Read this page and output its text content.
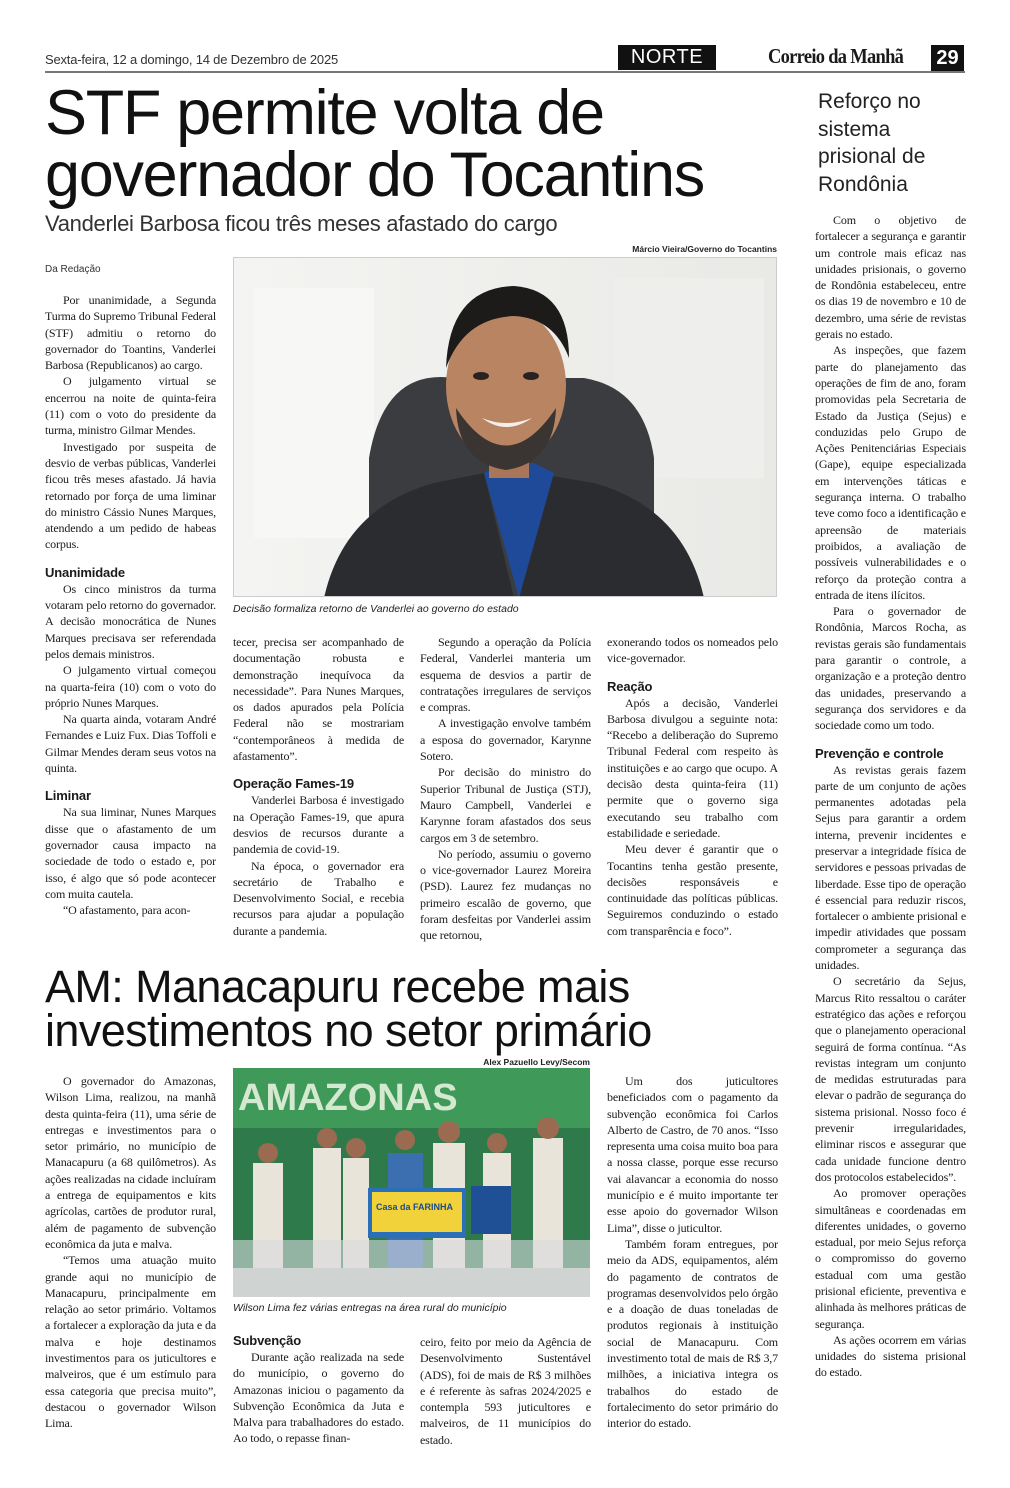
Sexta-feira, 12 a domingo, 14 de Dezembro de 2025	NORTE	Correio da Manhã 29
STF permite volta de
governador do Tocantins
Vanderlei Barbosa ficou três meses afastado do cargo
Márcio Vieira/Governo do Tocantins
Da Redação
Decisão formaliza retorno de Vanderlei ao governo do estado

Por unanimidade, a Segunda Turma do Supremo Tribunal Federal (STF) admitiu o retorno do governador do Toantins, Vanderlei Barbosa (Republicanos) ao cargo.

O julgamento virtual se encerrou na noite de quinta-feira (11) com o voto do presidente da turma, ministro Gilmar Mendes.

Investigado por suspeita de desvio de verbas públicas, Vanderlei ficou três meses afastado. Já havia retornado por força de uma liminar do ministro Cássio Nunes Marques, atendendo a um pedido de habeas corpus.

Unanimidade

Os cinco ministros da turma votaram pelo retorno do governador. A decisão monocrática de Nunes Marques precisava ser referendada pelos demais ministros.

O julgamento virtual começou na quarta-feira (10) com o voto do próprio Nunes Marques.

Na quarta ainda, votaram André Fernandes e Luiz Fux. Dias Toffoli e Gilmar Mendes deram seus votos na quinta.

Liminar

Na sua liminar, Nunes Marques disse que o afastamento de um governador causa impacto na sociedade de todo o estado e, por isso, é algo que só pode acontecer com muita cautela.

“O afastamento, para acon-

tecer, precisa ser acompanhado de documentação robusta e demonstração inequívoca da necessidade”. Para Nunes Marques, os dados apurados pela Polícia Federal não se mostrariam “contemporâneos à medida de afastamento”.

Operação Fames-19

Vanderlei Barbosa é investigado na Operação Fames-19, que apura desvios de recursos durante a pandemia de covid-19.

Na época, o governador era secretário de Trabalho e Desenvolvimento Social, e recebia recursos para ajudar a população durante a pandemia.

Segundo a operação da Polícia Federal, Vanderlei manteria um esquema de desvios a partir de contratações irregulares de serviços e compras.

A investigação envolve também a esposa do governador, Karynne Sotero.

Por decisão do ministro do Superior Tribunal de Justiça (STJ), Mauro Campbell, Vanderlei e Karynne foram afastados dos seus cargos em 3 de setembro.

No período, assumiu o governo o vice-governador Laurez Moreira (PSD). Laurez fez mudanças no primeiro escalão de governo, que foram desfeitas por Vanderlei assim que retornou,

exonerando todos os nomeados pelo vice-governador.

Reação

Após a decisão, Vanderlei Barbosa divulgou a seguinte nota: “Recebo a deliberação do Supremo Tribunal Federal com respeito às instituições e ao cargo que ocupo. A decisão desta quinta-feira (11) permite que o governo siga executando seu trabalho com estabilidade e seriedade.

Meu dever é garantir que o Tocantins tenha gestão presente, decisões responsáveis e continuidade das políticas públicas. Seguiremos conduzindo o estado com transparência e foco”.

Reforço no sistema prisional de Rondônia

Com o objetivo de fortalecer a segurança e garantir um controle mais eficaz nas unidades prisionais, o governo de Rondônia estabeleceu, entre os dias 19 de novembro e 10 de dezembro, uma série de revistas gerais no estado.

As inspeções, que fazem parte do planejamento das operações de fim de ano, foram promovidas pela Secretaria de Estado da Justiça (Sejus) e conduzidas pelo Grupo de Ações Penitenciárias Especiais (Gape), equipe especializada em intervenções táticas e segurança interna. O trabalho teve como foco a identificação e apreensão de materiais proibidos, a avaliação de possíveis vulnerabilidades e o reforço da proteção contra a entrada de itens ilícitos.

Para o governador de Rondônia, Marcos Rocha, as revistas gerais são fundamentais para garantir o controle, a organização e a proteção dentro das unidades, preservando a segurança dos servidores e da sociedade como um todo.

Prevenção e controle

As revistas gerais fazem parte de um conjunto de ações permanentes adotadas pela Sejus para garantir a ordem interna, prevenir incidentes e preservar a integridade física de servidores e pessoas privadas de liberdade. Esse tipo de operação é essencial para reduzir riscos, fortalecer o ambiente prisional e impedir atividades que possam comprometer a segurança das unidades.

O secretário da Sejus, Marcus Rito ressaltou o caráter estratégico das ações e reforçou que o planejamento operacional seguirá de forma contínua. “As revistas integram um conjunto de medidas estruturadas para elevar o padrão de segurança do sistema prisional. Nosso foco é prevenir irregularidades, eliminar riscos e assegurar que cada unidade funcione dentro dos protocolos estabelecidos”.

Ao promover operações simultâneas e coordenadas em diferentes unidades, o governo estadual, por meio Sejus reforça o compromisso do governo estadual com uma gestão prisional eficiente, preventiva e alinhada às melhores práticas de segurança.

As ações ocorrem em várias unidades do sistema prisional do estado.

AM: Manacapuru recebe mais
investimentos no setor primário
Alex Pazuello Levy/Secom
AMAZONAS
Casa da FARINHA
Wilson Lima fez várias entregas na área rural do município

O governador do Amazonas, Wilson Lima, realizou, na manhã desta quinta-feira (11), uma série de entregas e investimentos para o setor primário, no município de Manacapuru (a 68 quilômetros). As ações realizadas na cidade incluíram a entrega de equipamentos e kits agrícolas, cartões de produtor rural, além de pagamento de subvenção econômica da juta e malva.

“Temos uma atuação muito grande aqui no município de Manacapuru, principalmente em relação ao setor primário. Voltamos a fortalecer a exploração da juta e da malva e hoje destinamos investimentos para os juticultores e malveiros, que é um estímulo para essa categoria que precisa muito”, destacou o governador Wilson Lima.

Subvenção

Durante ação realizada na sede do município, o governo do Amazonas iniciou o pagamento da Subvenção Econômica da Juta e Malva para trabalhadores do estado. Ao todo, o repasse finan-

ceiro, feito por meio da Agência de Desenvolvimento Sustentável (ADS), foi de mais de R$ 3 milhões e é referente às safras 2024/2025 e contempla 593 juticultores e malveiros, de 11 municípios do estado.

Um dos juticultores beneficiados com o pagamento da subvenção econômica foi Carlos Alberto de Castro, de 70 anos. “Isso representa uma coisa muito boa para a nossa classe, porque esse recurso vai alavancar a economia do nosso município e é muito importante ter esse apoio do governador Wilson Lima”, disse o juticultor.

Também foram entregues, por meio da ADS, equipamentos, além do pagamento de contratos de programas desenvolvidos pelo órgão e a doação de duas toneladas de produtos regionais à instituição social de Manacapuru. Com investimento total de mais de R$ 3,7 milhões, a iniciativa integra os trabalhos do estado de fortalecimento do setor primário do interior do estado.
